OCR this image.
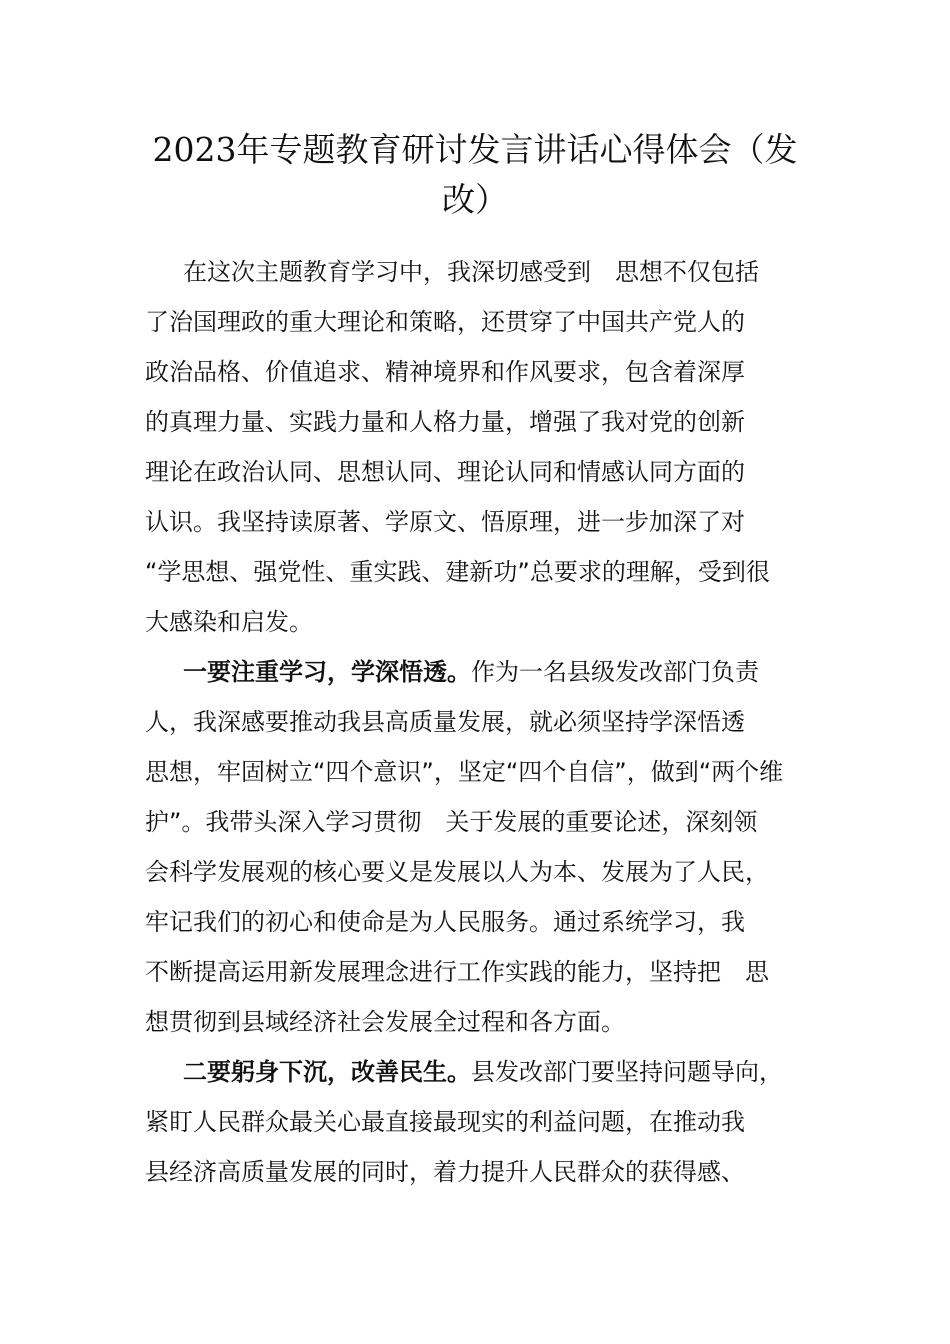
2023年专题教育研讨发言讲话心得体会（发
改）
在这次主题教育学习中，我深切感受到　思想不仅包括
了治国理政的重大理论和策略，还贯穿了中国共产党人的
政治品格、价值追求、精神境界和作风要求，包含着深厚
的真理力量、实践力量和人格力量，增强了我对党的创新
理论在政治认同、思想认同、理论认同和情感认同方面的
认识。我坚持读原著、学原文、悟原理，进一步加深了对
“学思想、强党性、重实践、建新功”总要求的理解，受到很
大感染和启发。
一要注重学习，学深悟透。作为一名县级发改部门负责
人，我深感要推动我县高质量发展，就必须坚持学深悟透
思想，牢固树立“四个意识”，坚定“四个自信”，做到“两个维
护”。我带头深入学习贯彻　关于发展的重要论述，深刻领
会科学发展观的核心要义是发展以人为本、发展为了人民，
牢记我们的初心和使命是为人民服务。通过系统学习，我
不断提高运用新发展理念进行工作实践的能力，坚持把　思
想贯彻到县域经济社会发展全过程和各方面。
二要躬身下沉，改善民生。县发改部门要坚持问题导向，
紧盯人民群众最关心最直接最现实的利益问题，在推动我
县经济高质量发展的同时，着力提升人民群众的获得感、
